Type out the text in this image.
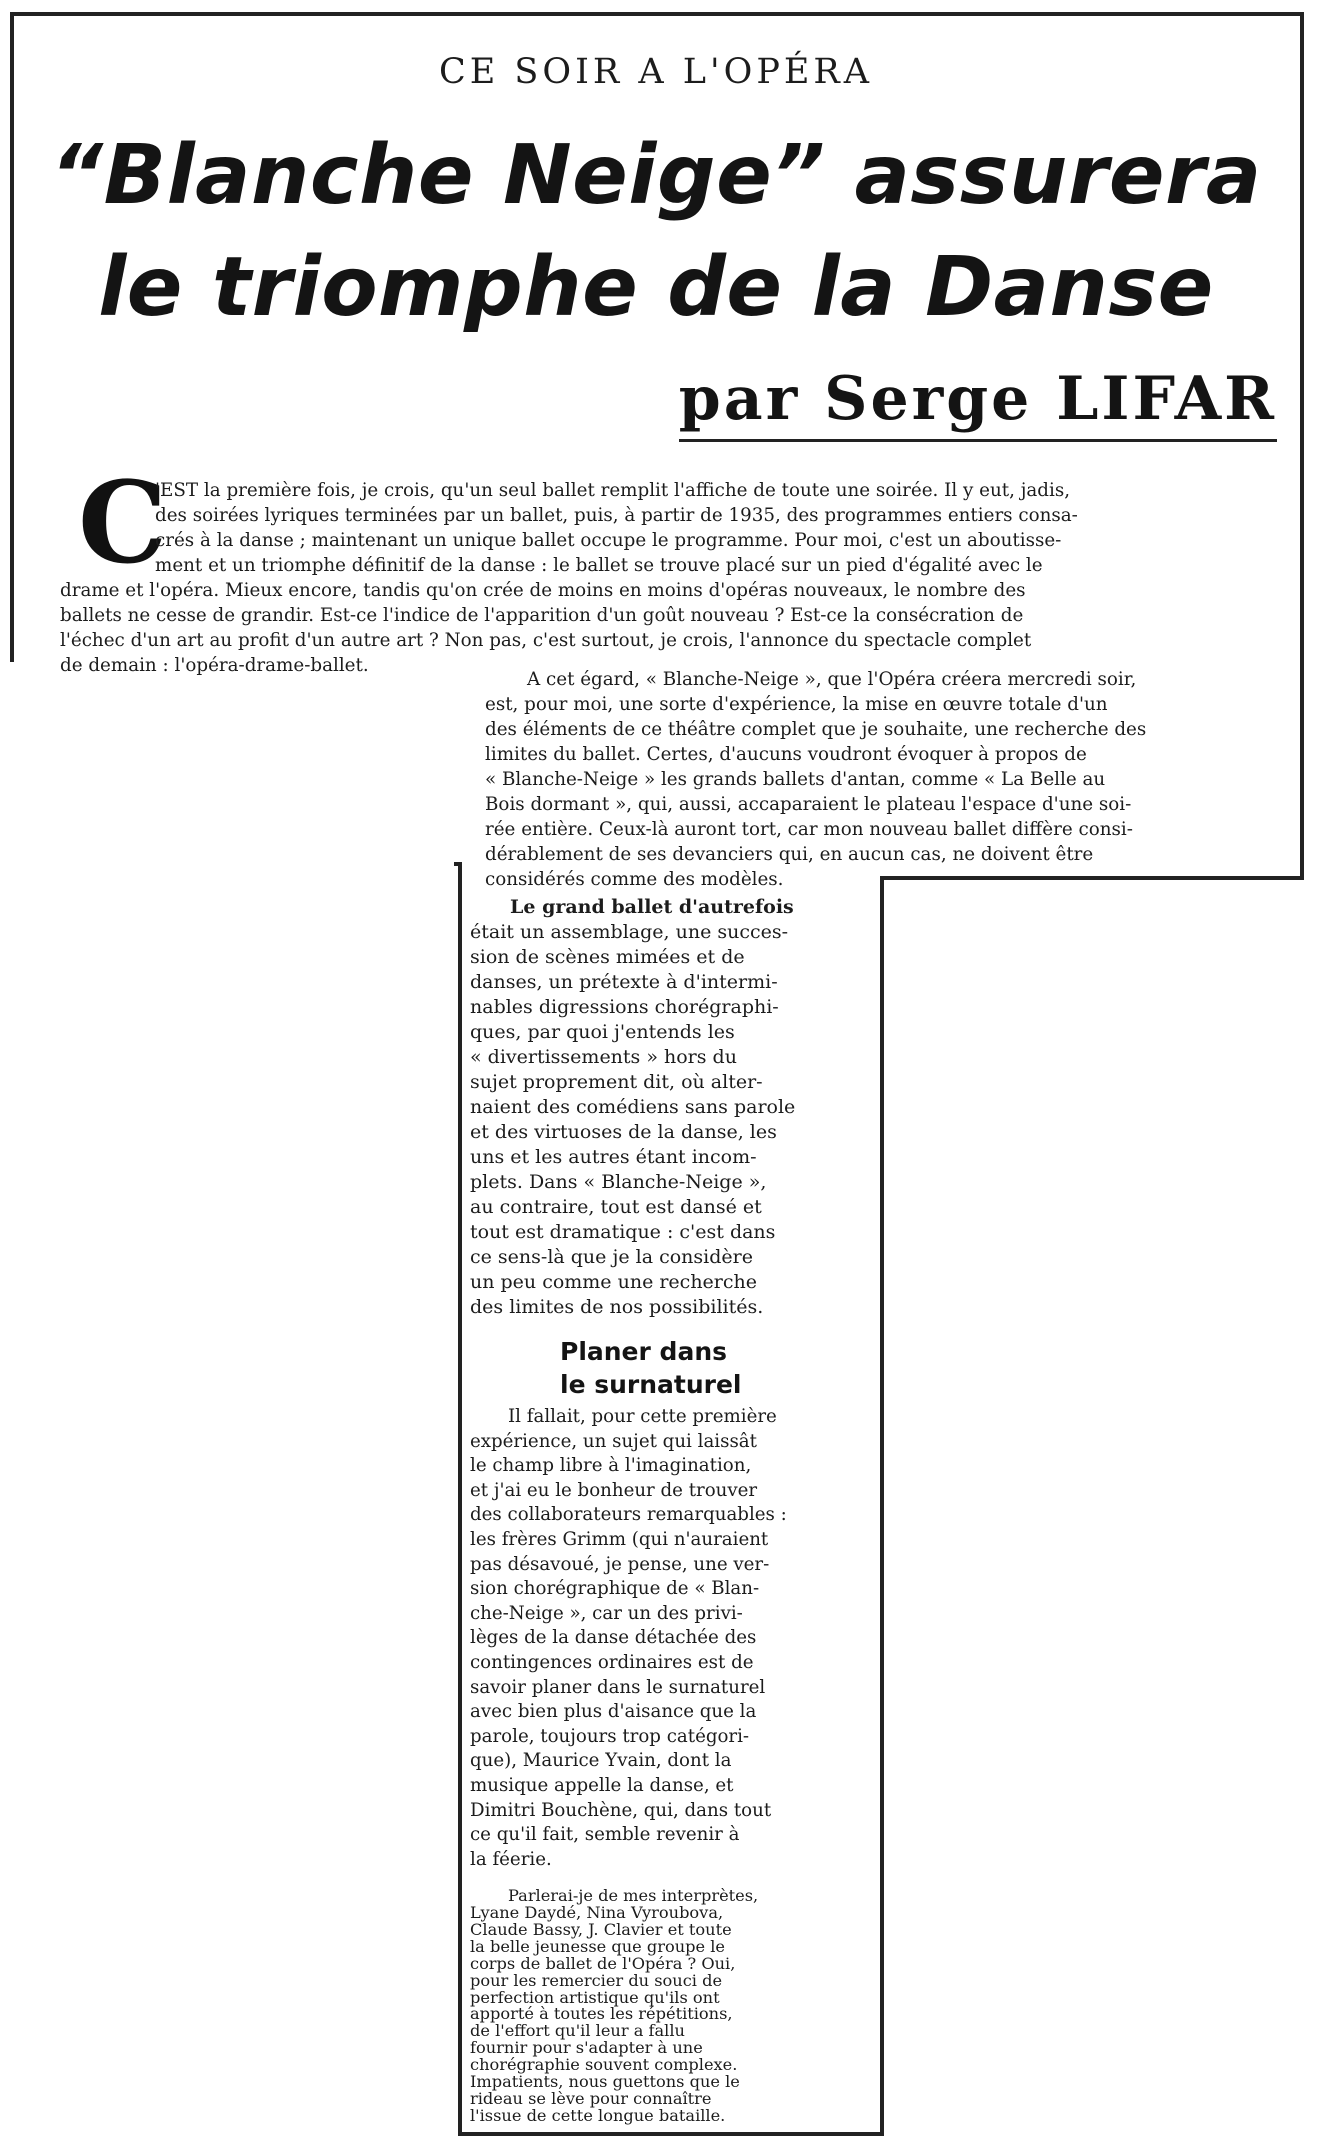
CE SOIR A L'OPÉRA
“Blanche Neige” assurera
le triomphe de la Danse
par Serge LIFAR
C
'EST la première fois, je crois, qu'un seul ballet remplit l'affiche de toute une soirée. Il y eut, jadis,
des soirées lyriques terminées par un ballet, puis, à partir de 1935, des programmes entiers consa-
crés à la danse ; maintenant un unique ballet occupe le programme. Pour moi, c'est un aboutisse-
ment et un triomphe définitif de la danse : le ballet se trouve placé sur un pied d'égalité avec le
drame et l'opéra. Mieux encore, tandis qu'on crée de moins en moins d'opéras nouveaux, le nombre des
ballets ne cesse de grandir. Est-ce l'indice de l'apparition d'un goût nouveau ? Est-ce la consécration de
l'échec d'un art au profit d'un autre art ? Non pas, c'est surtout, je crois, l'annonce du spectacle complet
de demain : l'opéra-drame-ballet.
A cet égard, « Blanche-Neige », que l'Opéra créera mercredi soir,
est, pour moi, une sorte d'expérience, la mise en œuvre totale d'un
des éléments de ce théâtre complet que je souhaite, une recherche des
limites du ballet. Certes, d'aucuns voudront évoquer à propos de
« Blanche-Neige » les grands ballets d'antan, comme « La Belle au
Bois dormant », qui, aussi, accaparaient le plateau l'espace d'une soi-
rée entière. Ceux-là auront tort, car mon nouveau ballet diffère consi-
dérablement de ses devanciers qui, en aucun cas, ne doivent être
considérés comme des modèles.
Le grand ballet d'autrefois
était un assemblage, une succes-
sion de scènes mimées et de
danses, un prétexte à d'intermi-
nables digressions chorégraphi-
ques, par quoi j'entends les
« divertissements » hors du
sujet proprement dit, où alter-
naient des comédiens sans parole
et des virtuoses de la danse, les
uns et les autres étant incom-
plets. Dans « Blanche-Neige »,
au contraire, tout est dansé et
tout est dramatique : c'est dans
ce sens-là que je la considère
un peu comme une recherche
des limites de nos possibilités.
Planer dans
le surnaturel
Il fallait, pour cette première
expérience, un sujet qui laissât
le champ libre à l'imagination,
et j'ai eu le bonheur de trouver
des collaborateurs remarquables :
les frères Grimm (qui n'auraient
pas désavoué, je pense, une ver-
sion chorégraphique de « Blan-
che-Neige », car un des privi-
lèges de la danse détachée des
contingences ordinaires est de
savoir planer dans le surnaturel
avec bien plus d'aisance que la
parole, toujours trop catégori-
que), Maurice Yvain, dont la
musique appelle la danse, et
Dimitri Bouchène, qui, dans tout
ce qu'il fait, semble revenir à
la féerie.
Parlerai-je de mes interprètes,
Lyane Daydé, Nina Vyroubova,
Claude Bassy, J. Clavier et toute
la belle jeunesse que groupe le
corps de ballet de l'Opéra ? Oui,
pour les remercier du souci de
perfection artistique qu'ils ont
apporté à toutes les répétitions,
de l'effort qu'il leur a fallu
fournir pour s'adapter à une
chorégraphie souvent complexe.
Impatients, nous guettons que le
rideau se lève pour connaître
l'issue de cette longue bataille.
